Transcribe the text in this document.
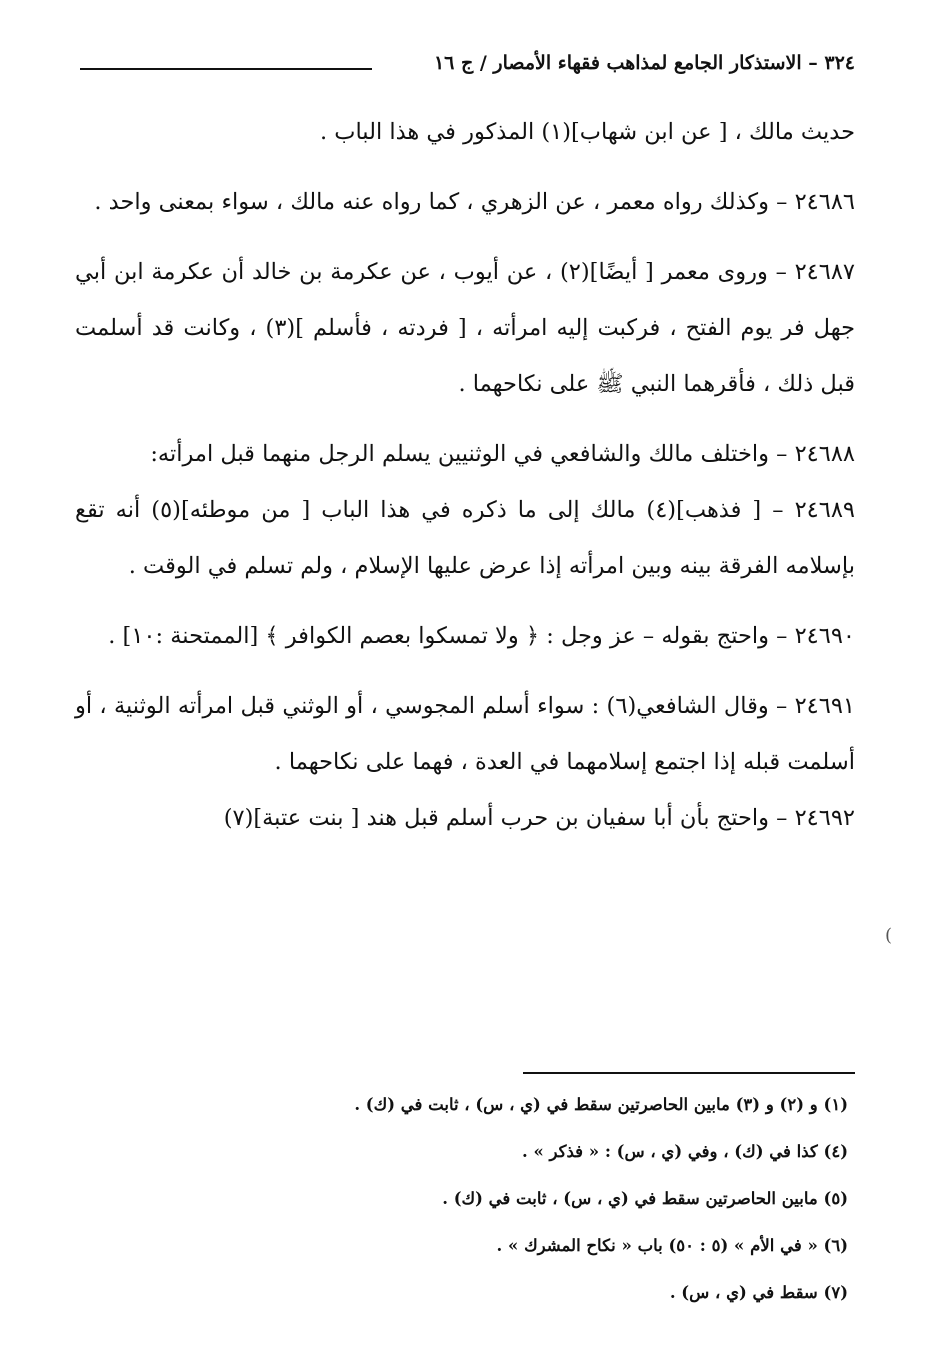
٣٢٤ – الاستذكار الجامع لمذاهب فقهاء الأمصار / ج ١٦

حديث مالك ، [ عن ابن شهاب](١) المذكور في هذا الباب .

٢٤٦٨٦ – وكذلك رواه معمر ، عن الزهري ، كما رواه عنه مالك ، سواء بمعنى واحد .

٢٤٦٨٧ – وروى معمر [ أيضًا](٢) ، عن أيوب ، عن عكرمة بن خالد أن عكرمة ابن أبي جهل فر يوم الفتح ، فركبت إليه امرأته ، [ فردته ، فأسلم ](٣) ، وكانت قد أسلمت قبل ذلك ، فأقرهما النبي ﷺ على نكاحهما .

٢٤٦٨٨ – واختلف مالك والشافعي في الوثنيين يسلم الرجل منهما قبل امرأته:

٢٤٦٨٩ – [ فذهب](٤) مالك إلى ما ذكره في هذا الباب [ من موطئه](٥) أنه تقع بإسلامه الفرقة بينه وبين امرأته إذا عرض عليها الإسلام ، ولم تسلم في الوقت .

٢٤٦٩٠ – واحتج بقوله – عز وجل : ﴿ ولا تمسكوا بعصم الكوافر ﴾ [الممتحنة :١٠] .

٢٤٦٩١ – وقال الشافعي(٦) : سواء أسلم المجوسي ، أو الوثني قبل امرأته الوثنية ، أو أسلمت قبله إذا اجتمع إسلامهما في العدة ، فهما على نكاحهما .

٢٤٦٩٢ – واحتج بأن أبا سفيان بن حرب أسلم قبل هند [ بنت عتبة](٧)

(
(١) و (٢) و (٣) مابين الحاصرتين سقط في (ي ، س) ، ثابت في (ك) .
(٤) كذا في (ك) ، وفي (ي ، س) : « فذكر » .
(٥) مابين الحاصرتين سقط في (ي ، س) ، ثابت في (ك) .
(٦) « في الأم » (٥ : ٥٠) باب « نكاح المشرك » .
(٧) سقط في (ي ، س) .
